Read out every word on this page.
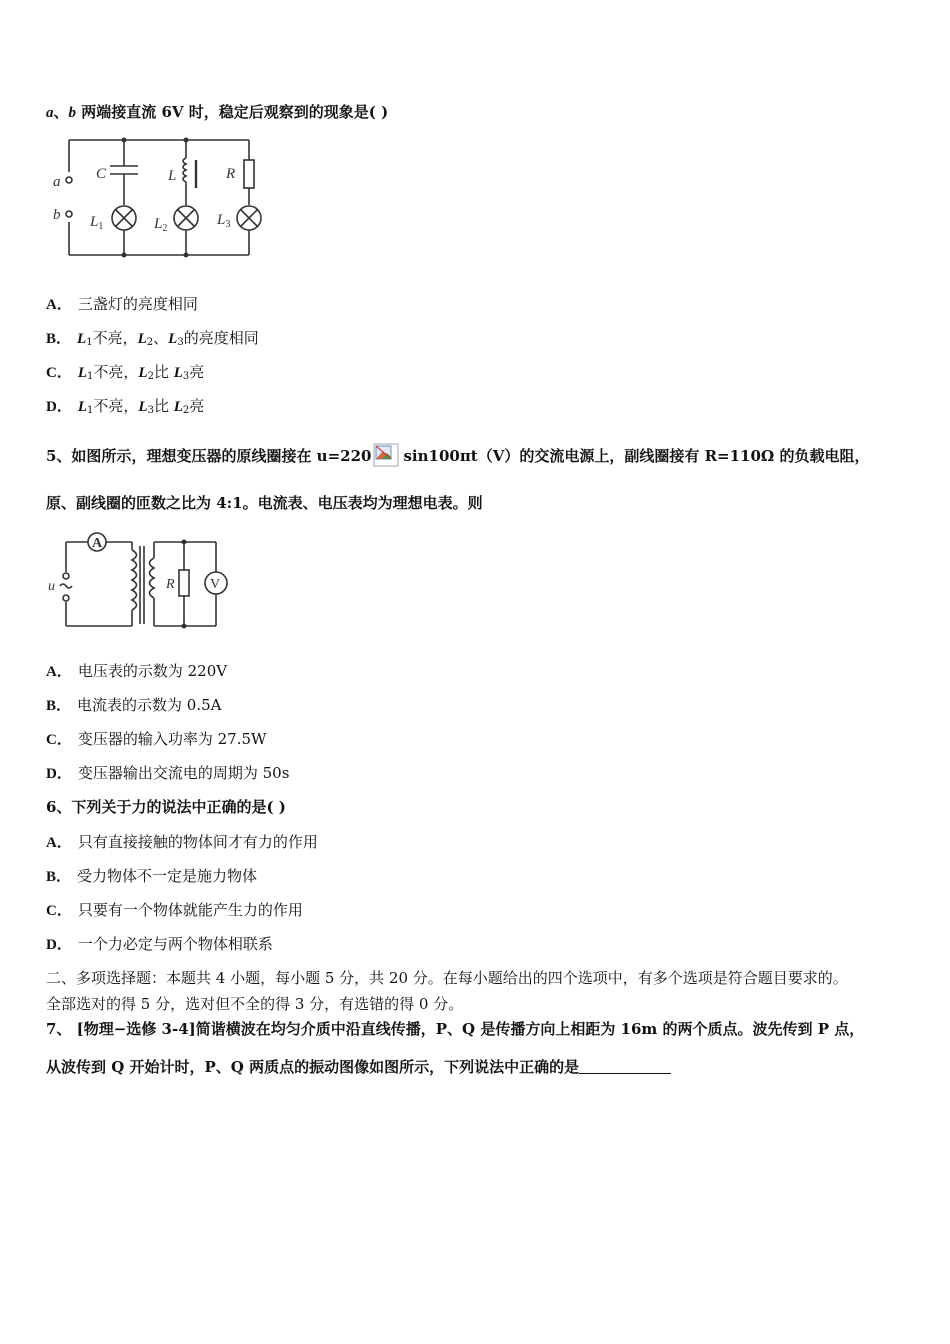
a、b 两端接直流 6V 时，稳定后观察到的现象是( )
a
b
C	L	R
$L_1$	$L_2$
$L_3$
A． 三盏灯的亮度相同
B． $L_1$不亮，$L_2$、$L_3$的亮度相同
C． $L_1$不亮，$L_2$比 $L_3$亮
D． $L_1$不亮，$L_3$比 $L_2$亮
5、如图所示，理想变压器的原线圈接在 u=220 sin100πt（V）的交流电源上，副线圈接有 R=110Ω 的负载电阻，
原、副线圈的匝数之比为 4:1。电流表、电压表均为理想电表。则
A
u	R	V
A． 电压表的示数为 220V
B． 电流表的示数为 0.5A
C． 变压器的输入功率为 27.5W
D． 变压器输出交流电的周期为 50s
6、下列关于力的说法中正确的是( )
A． 只有直接接触的物体间才有力的作用
B． 受力物体不一定是施力物体
C． 只要有一个物体就能产生力的作用
D． 一个力必定与两个物体相联系
二、多项选择题：本题共 4 小题，每小题 5 分，共 20 分。在每小题给出的四个选项中，有多个选项是符合题目要求的。
全部选对的得 5 分，选对但不全的得 3 分，有选错的得 0 分。
7、 [物理−选修 3-4]简谐横波在均匀介质中沿直线传播，P、Q 是传播方向上相距为 16m 的两个质点。波先传到 P 点，
从波传到 Q 开始计时，P、Q 两质点的振动图像如图所示，下列说法中正确的是
